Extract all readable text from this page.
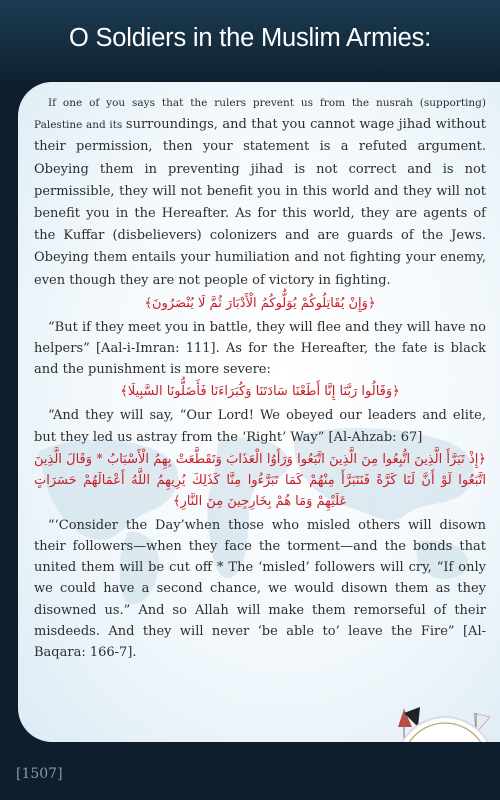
O Soldiers in the Muslim Armies:

If one of you says that the rulers prevent us from the nusrah (supporting) Palestine and its surroundings, and that you cannot wage jihad without their permission, then your statement is a refuted argument. Obeying them in preventing jihad is not correct and is not permissible, they will not benefit you in this world and they will not benefit you in the Hereafter. As for this world, they are agents of the Kuffar (disbelievers) colonizers and are guards of the Jews. Obeying them entails your humiliation and not fighting your enemy, even though they are not people of victory in fighting.

﴿وَإِنْ يُقَاتِلُوكُمْ يُوَلُّوكُمُ الْأَدْبَارَ ثُمَّ لَا يُنْصَرُونَ﴾

“But if they meet you in battle, they will flee and they will have no helpers” [Aal-i-Imran: 111]. As for the Hereafter, the fate is black and the punishment is more severe:

﴿وَقَالُوا رَبَّنَا إِنَّا أَطَعْنَا سَادَتَنَا وَكُبَرَاءَنَا فَأَضَلُّونَا السَّبِيلَا﴾

“And they will say, “Our Lord! We obeyed our leaders and elite, but they led us astray from the ‘Right’ Way” [Al-Ahzab: 67]

﴿إِذْ تَبَرَّأَ الَّذِينَ اتُّبِعُوا مِنَ الَّذِينَ اتَّبَعُوا وَرَأَوُا الْعَذَابَ وَتَقَطَّعَتْ بِهِمُ الْأَسْبَابُ * وَقَالَ الَّذِينَ اتَّبَعُوا لَوْ أَنَّ لَنَا كَرَّةً فَنَتَبَرَّأَ مِنْهُمْ كَمَا تَبَرَّءُوا مِنَّا كَذَلِكَ يُرِيهِمُ اللَّهُ أَعْمَالَهُمْ حَسَرَاتٍ عَلَيْهِمْ وَمَا هُمْ بِخَارِجِينَ مِنَ النَّارِ﴾

“‘Consider the Day’when those who misled others will disown their followers—when they face the torment—and the bonds that united them will be cut off * The ‘misled’ followers will cry, “If only we could have a second chance, we would disown them as they disowned us.” And so Allah will make them remorseful of their misdeeds. And they will never ‘be able to’ leave the Fire” [Al-Baqara: 166-7].

عطاء بن خليل أبو الرشتة
أمير حزب التحرير
Ata Bin Khalil
Abu Al-Rashtah
Ameer of Hizb ut Tahrir
[1507]
